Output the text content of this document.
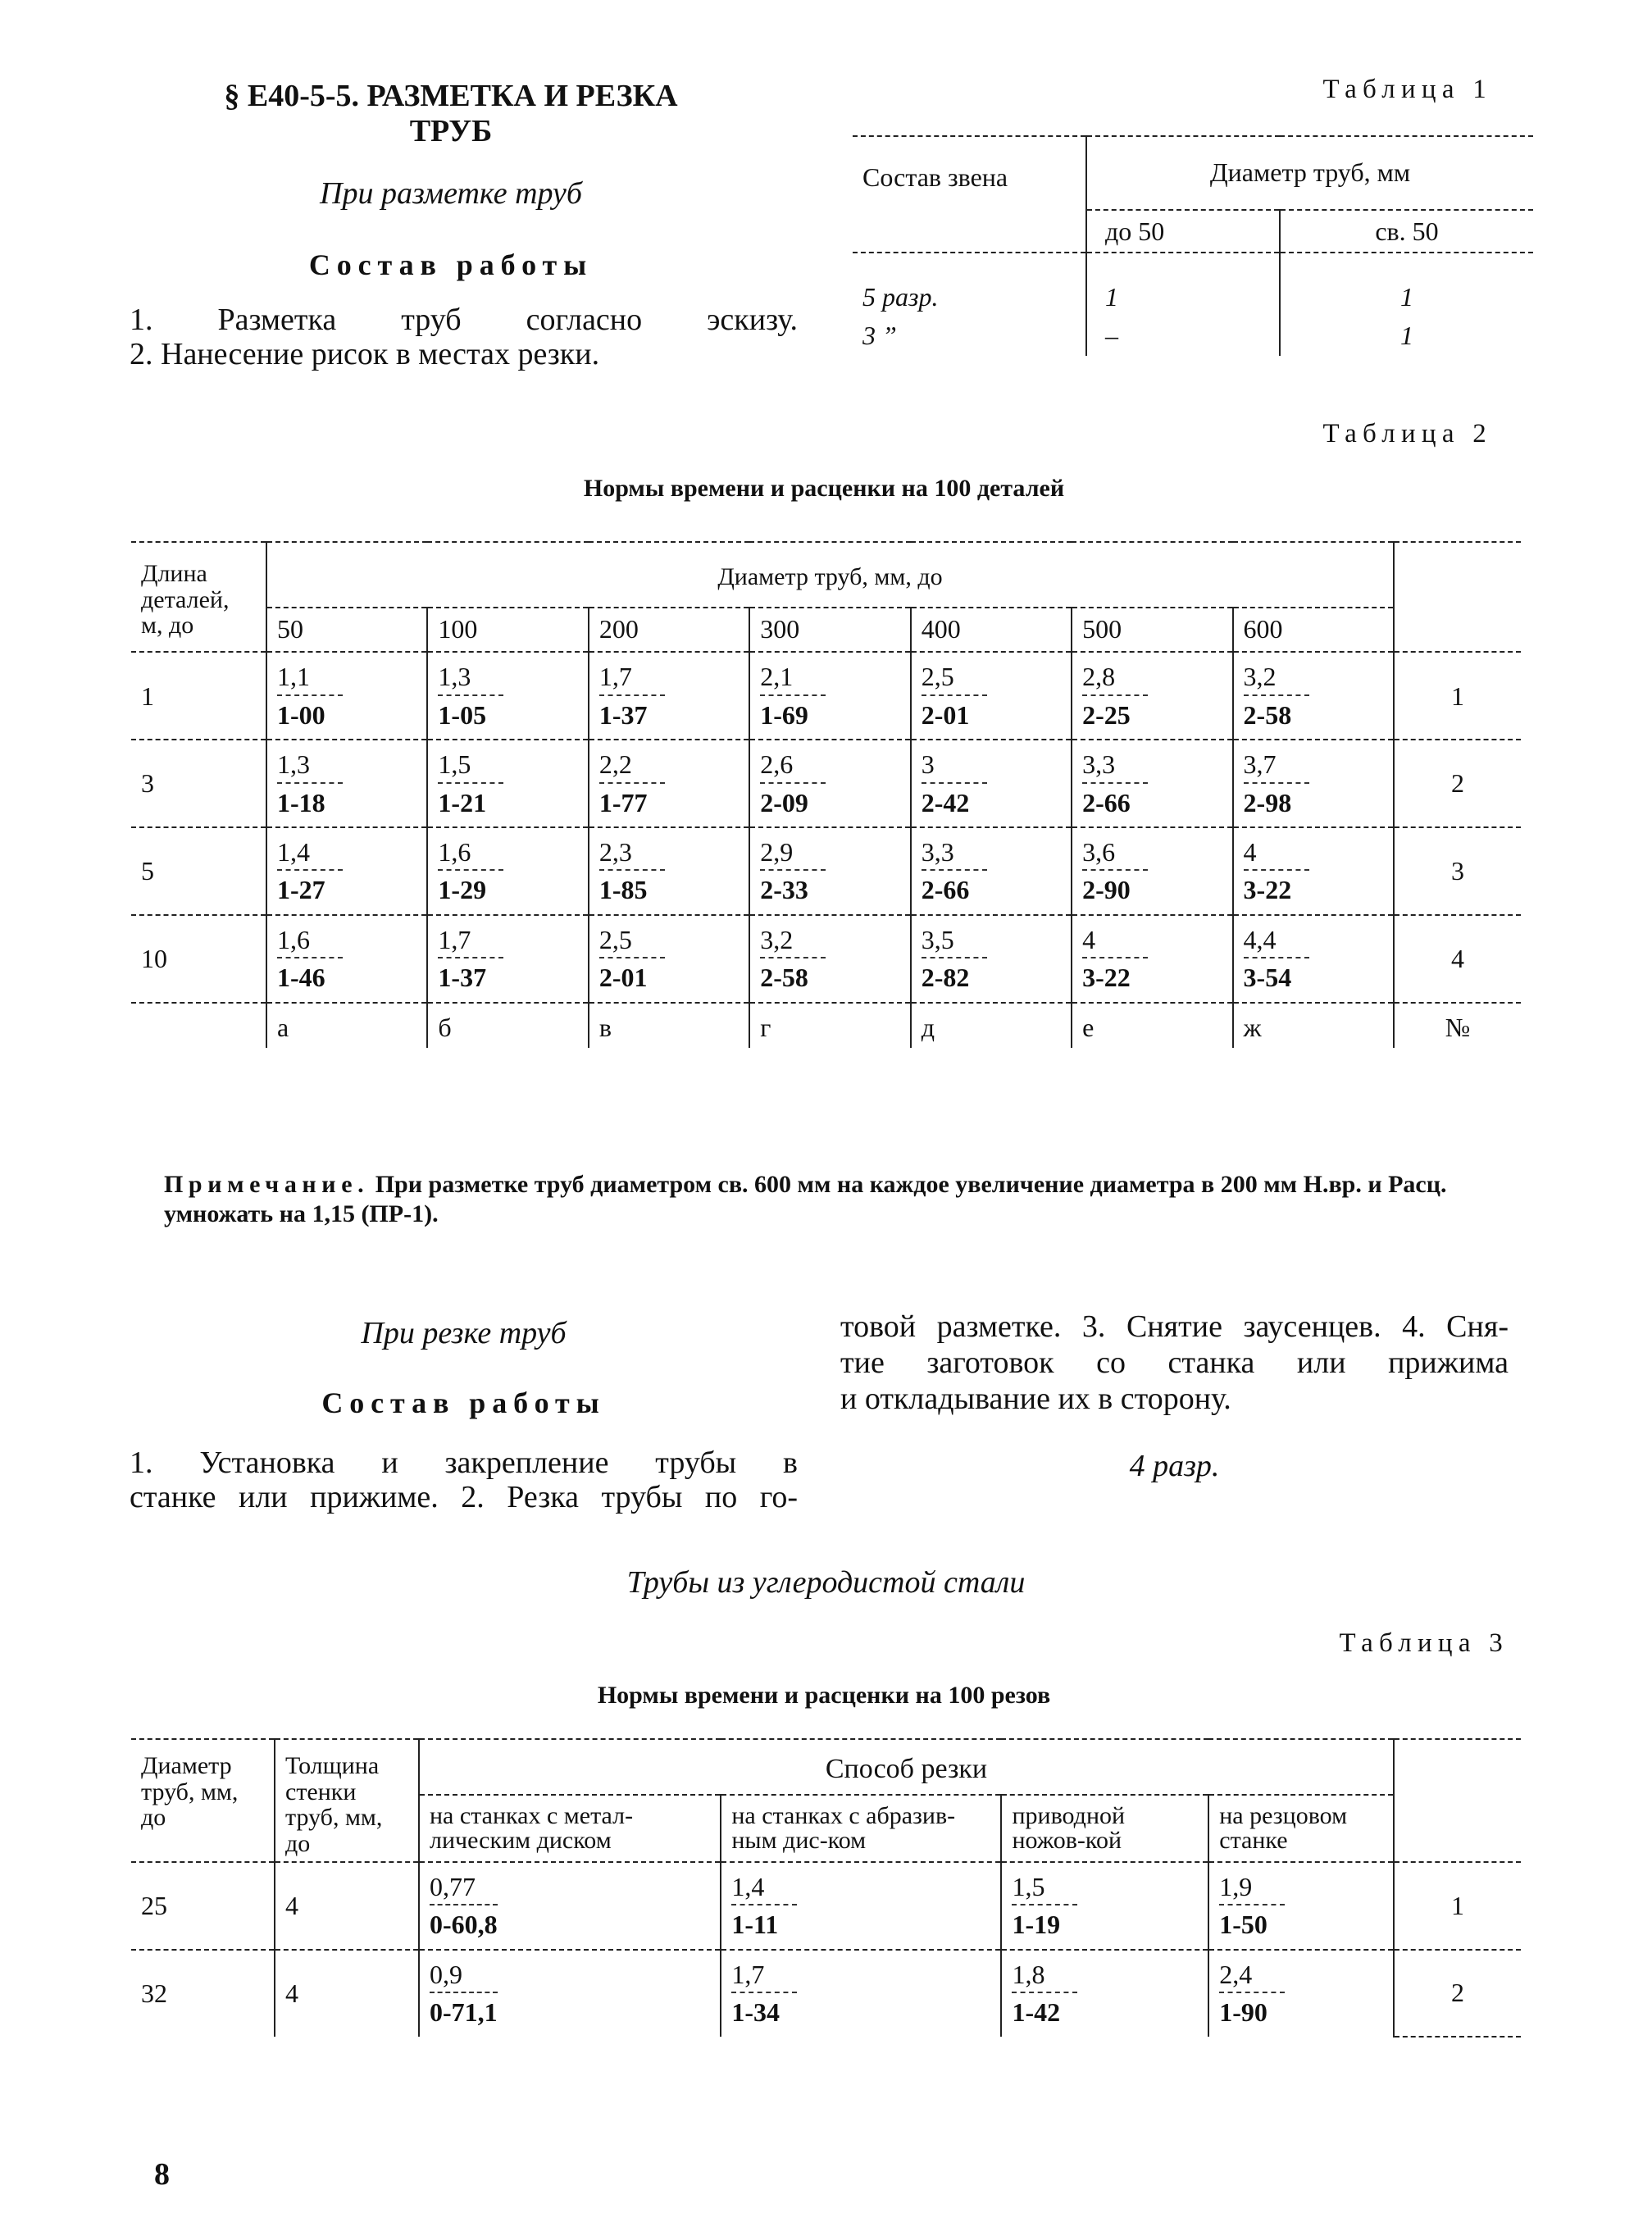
§ Е40-5-5. РАЗМЕТКА И РЕЗКА
ТРУБ
При разметке труб
Состав работы
1. Разметка труб согласно эскизу.
2. Нанесение рисок в местах резки.
Таблица 1
Состав звена	Диаметр труб, мм	
	до 50	св. 50
5 разр.	1	1
3 ”	–	1
Таблица 2
Нормы времени и расценки на 100 деталей
Длина деталей, м, до	Диаметр труб, мм, до							
	50	100	200	300	400	500	600	
1	$\frac{1,1}{1-00}$	$\frac{1,3}{1-05}$	$\frac{1,7}{1-37}$	$\frac{2,1}{1-69}$	$\frac{2,5}{2-01}$	$\frac{2,8}{2-25}$	$\frac{3,2}{2-58}$	1
3	$\frac{1,3}{1-18}$	$\frac{1,5}{1-21}$	$\frac{2,2}{1-77}$	$\frac{2,6}{2-09}$	$\frac{3}{2-42}$	$\frac{3,3}{2-66}$	$\frac{3,7}{2-98}$	2
5	$\frac{1,4}{1-27}$	$\frac{1,6}{1-29}$	$\frac{2,3}{1-85}$	$\frac{2,9}{2-33}$	$\frac{3,3}{2-66}$	$\frac{3,6}{2-90}$	$\frac{4}{3-22}$	3
10	$\frac{1,6}{1-46}$	$\frac{1,7}{1-37}$	$\frac{2,5}{2-01}$	$\frac{3,2}{2-58}$	$\frac{3,5}{2-82}$	$\frac{4}{3-22}$	$\frac{4,4}{3-54}$	4
	а	б	в	г	д	е	ж	№
Примечание. При разметке труб диаметром св. 600 мм на каждое увеличение диаметра в 200 мм Н.вр. и Расц. умножать на 1,15 (ПР-1).
При резке труб
Состав работы
1. Установка и закрепление трубы в
станке или прижиме. 2. Резка трубы по го-
товой разметке. 3. Снятие заусенцев. 4. Сня-
тие заготовок со станка или прижима
и откладывание их в сторону.
4 разр.
Трубы из углеродистой стали
Таблица 3
Нормы времени и расценки на 100 резов
Диаметр труб, мм, до	Толщина стенки труб, мм, до	Способ резки				
		на станках с метал-лическим диском	на станках с абразив-ным дис-ком	приводной ножов-кой	на резцовом станке	
25	4	$\frac{0,77}{0-60,8}$	$\frac{1,4}{1-11}$	$\frac{1,5}{1-19}$	$\frac{1,9}{1-50}$	1
32	4	$\frac{0,9}{0-71,1}$	$\frac{1,7}{1-34}$	$\frac{1,8}{1-42}$	$\frac{2,4}{1-90}$	2
8
